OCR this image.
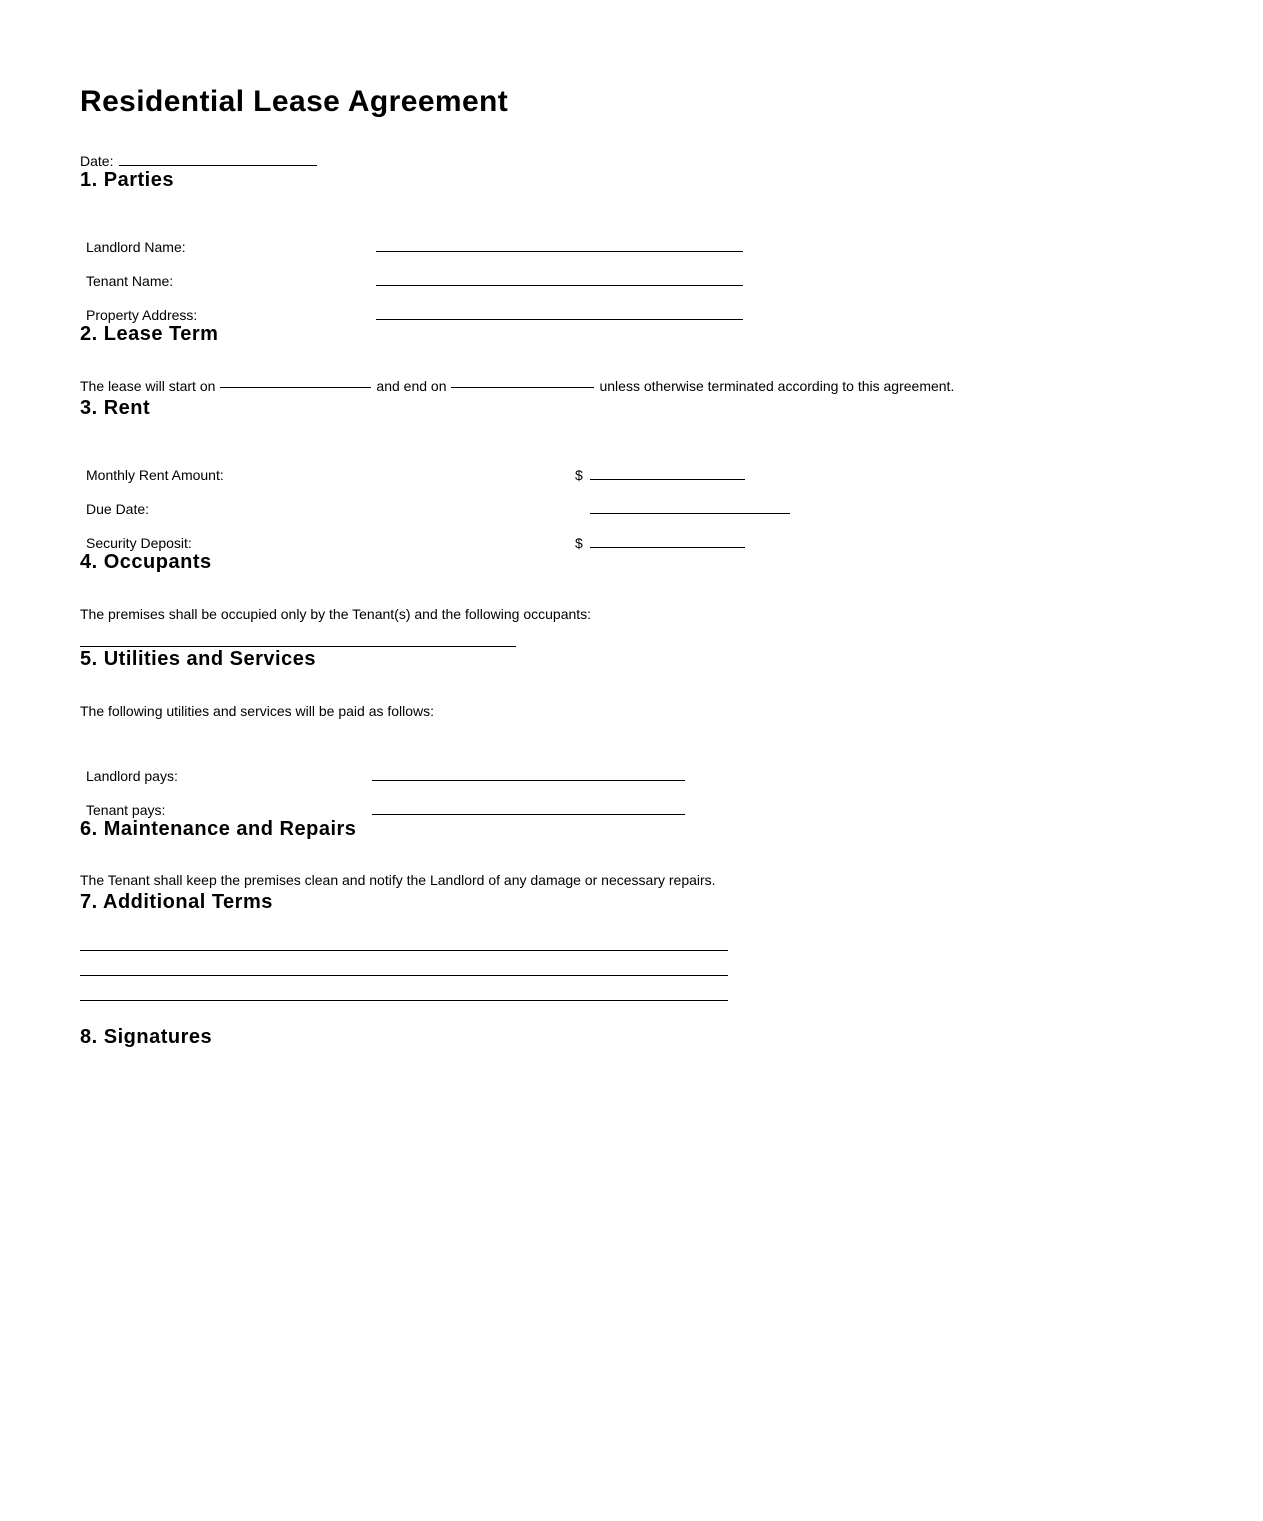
Residential Lease Agreement
Date:
1. Parties
Landlord Name:	
Tenant Name:	
Property Address:	
2. Lease Term

The lease will start on	and end on	unless otherwise terminated according to this agreement.

3. Rent
Monthly Rent Amount:	$	
Due Date:		
Security Deposit:	$	
4. Occupants

The premises shall be occupied only by the Tenant(s) and the following occupants:

5. Utilities and Services

The following utilities and services will be paid as follows:

Landlord pays:	
Tenant pays:	
6. Maintenance and Repairs

The Tenant shall keep the premises clean and notify the Landlord of any damage or necessary repairs.

7. Additional Terms
8. Signatures
